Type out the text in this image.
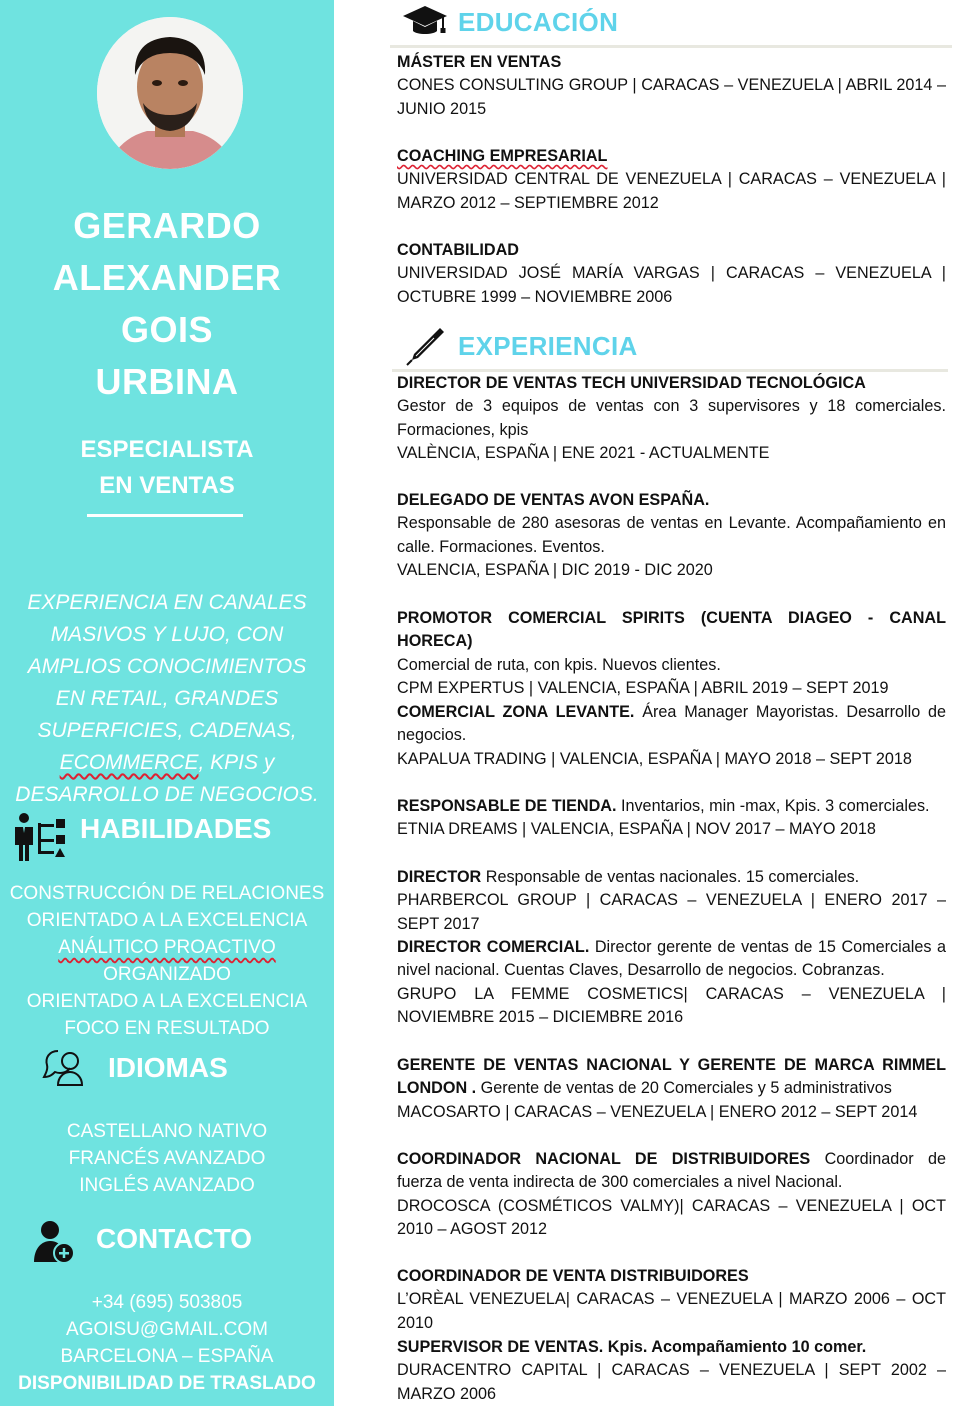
GERARDO
ALEXANDER
GOIS
URBINA
ESPECIALISTA
EN VENTAS
EXPERIENCIA EN CANALES MASIVOS Y LUJO, CON AMPLIOS CONOCIMIENTOS EN RETAIL, GRANDES SUPERFICIES, CADENAS, ECOMMERCE, KPIS y DESARROLLO DE NEGOCIOS.
HABILIDADES
CONSTRUCCIÓN DE RELACIONES
ORIENTADO A LA EXCELENCIA
ANÁLITICO PROACTIVO
ORGANIZADO
ORIENTADO A LA EXCELENCIA
FOCO EN RESULTADO
IDIOMAS
CASTELLANO NATIVO
FRANCÉS AVANZADO
INGLÉS AVANZADO
CONTACTO
+34 (695) 503805
AGOISU@GMAIL.COM
BARCELONA – ESPAÑA
DISPONIBILIDAD DE TRASLADO
EDUCACIÓN
MÁSTER EN VENTAS
CONES CONSULTING GROUP | CARACAS – VENEZUELA | ABRIL 2014 – JUNIO 2015
COACHING EMPRESARIAL
UNIVERSIDAD CENTRAL DE VENEZUELA | CARACAS – VENEZUELA | MARZO 2012 – SEPTIEMBRE 2012
CONTABILIDAD
UNIVERSIDAD JOSÉ MARÍA VARGAS | CARACAS – VENEZUELA | OCTUBRE 1999 – NOVIEMBRE 2006
EXPERIENCIA
DIRECTOR DE VENTAS TECH UNIVERSIDAD TECNOLÓGICA
Gestor de 3 equipos de ventas con 3 supervisores y 18 comerciales. Formaciones, kpis
VALÈNCIA, ESPAÑA | ENE 2021 - ACTUALMENTE
DELEGADO DE VENTAS AVON ESPAÑA.
Responsable de 280 asesoras de ventas en Levante. Acompañamiento en calle. Formaciones. Eventos.
VALENCIA, ESPAÑA | DIC 2019 - DIC 2020
PROMOTOR COMERCIAL SPIRITS (CUENTA DIAGEO - CANAL HORECA)
Comercial de ruta, con kpis. Nuevos clientes.
CPM EXPERTUS | VALENCIA, ESPAÑA | ABRIL 2019 – SEPT 2019
COMERCIAL ZONA LEVANTE. Área Manager Mayoristas. Desarrollo de negocios.
KAPALUA TRADING | VALENCIA, ESPAÑA | MAYO 2018 – SEPT 2018
RESPONSABLE DE TIENDA. Inventarios, min -max, Kpis. 3 comerciales.
ETNIA DREAMS | VALENCIA, ESPAÑA | NOV 2017 – MAYO 2018
DIRECTOR Responsable de ventas nacionales. 15 comerciales.
PHARBERCOL GROUP | CARACAS – VENEZUELA | ENERO 2017 – SEPT 2017
DIRECTOR COMERCIAL. Director gerente de ventas de 15 Comerciales a nivel nacional. Cuentas Claves, Desarrollo de negocios. Cobranzas.
GRUPO LA FEMME COSMETICS| CARACAS – VENEZUELA | NOVIEMBRE 2015 – DICIEMBRE 2016
GERENTE DE VENTAS NACIONAL Y GERENTE DE MARCA RIMMEL LONDON . Gerente de ventas de 20 Comerciales y 5 administrativos
MACOSARTO | CARACAS – VENEZUELA | ENERO 2012 – SEPT 2014
COORDINADOR NACIONAL DE DISTRIBUIDORES Coordinador de fuerza de venta indirecta de 300 comerciales a nivel Nacional.
DROCOSCA (COSMÉTICOS VALMY)| CARACAS – VENEZUELA | OCT 2010 – AGOST 2012
COORDINADOR DE VENTA DISTRIBUIDORES
L’ORÈAL VENEZUELA| CARACAS – VENEZUELA | MARZO 2006 – OCT 2010
SUPERVISOR DE VENTAS. Kpis. Acompañamiento 10 comer.
DURACENTRO CAPITAL | CARACAS – VENEZUELA | SEPT 2002 – MARZO 2006
